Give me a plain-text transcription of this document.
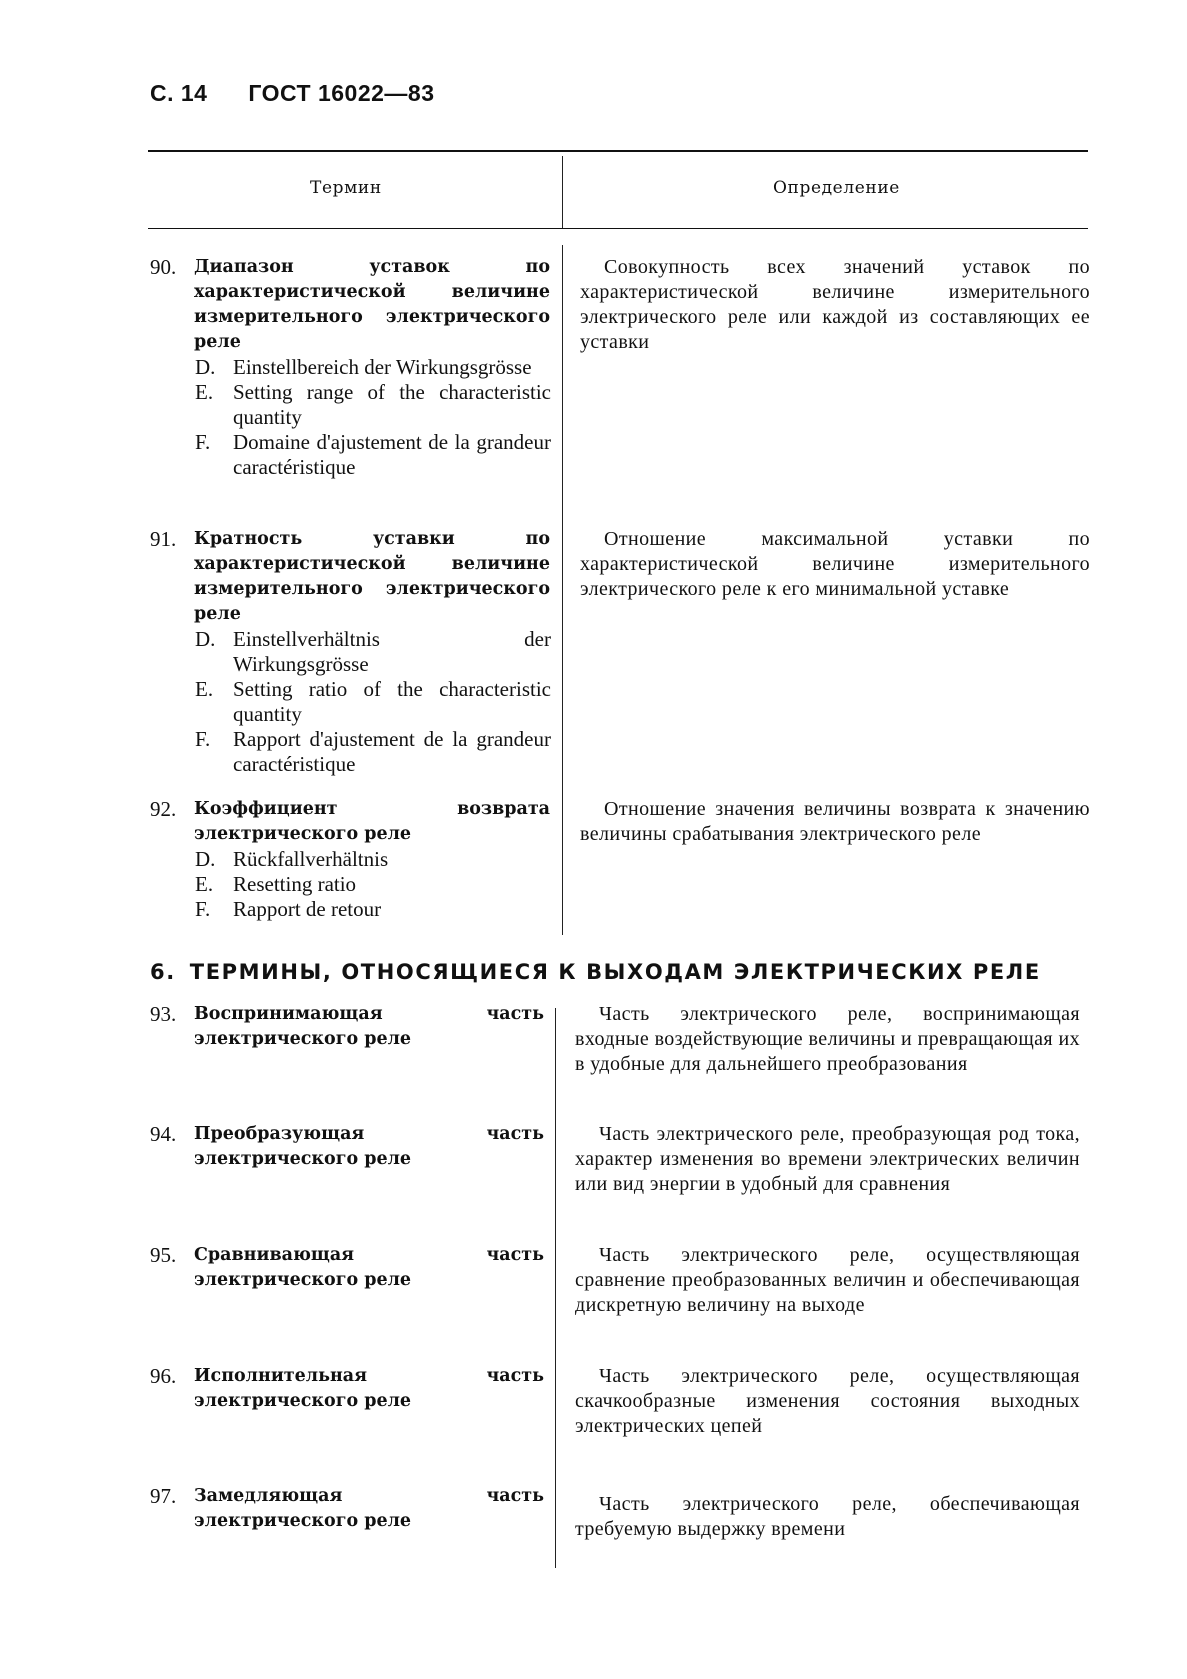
С. 14 ГОСТ 16022—83
Термин	Определение
90. Диапазон уставок по характеристической величине измерительного электрического реле
D. Einstellbereich der Wirkungsgrösse
E. Setting range of the characteristic quantity
F. Domaine d'ajustement de la grandeur caractéristique
Совокупность всех значений уставок по характеристической величине измерительного электрического реле или каждой из составляющих ее уставки
91. Кратность уставки по характеристической величине измерительного электрического реле
D. Einstellverhältnis der Wirkungsgrösse
E. Setting ratio of the characteristic quantity
F. Rapport d'ajustement de la grandeur caractéristique
Отношение максимальной уставки по характеристической величине измерительного электрического реле к его минимальной уставке
92. Коэффициент возврата электрического реле
D. Rückfallverhältnis
E. Resetting ratio
F. Rapport de retour
Отношение значения величины возврата к значению величины срабатывания электрического реле
6. ТЕРМИНЫ, ОТНОСЯЩИЕСЯ К ВЫХОДАМ ЭЛЕКТРИЧЕСКИХ РЕЛЕ
93. Воспринимающая часть электрического реле
Часть электрического реле, воспринимающая входные воздействующие величины и превращающая их в удобные для дальнейшего преобразования
94. Преобразующая часть электрического реле
Часть электрического реле, преобразующая род тока, характер изменения во времени электрических величин или вид энергии в удобный для сравнения
95. Сравнивающая часть электрического реле
Часть электрического реле, осуществляющая сравнение преобразованных величин и обеспечивающая дискретную величину на выходе
96. Исполнительная часть электрического реле
Часть электрического реле, осуществляющая скачкообразные изменения состояния выходных электрических цепей
97. Замедляющая часть электрического реле
Часть электрического реле, обеспечивающая требуемую выдержку времени
